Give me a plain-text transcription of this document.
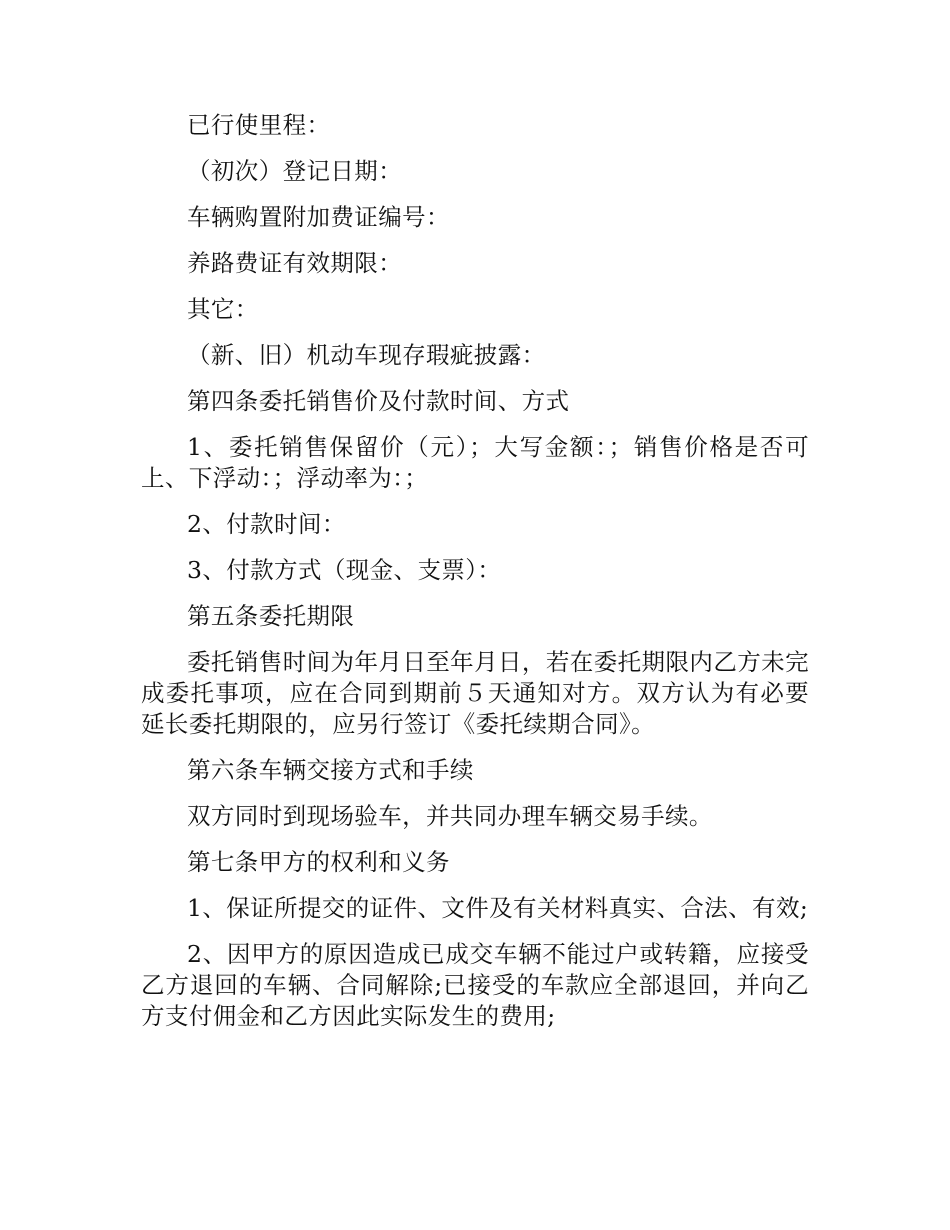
已行使里程：

（初次）登记日期：

车辆购置附加费证编号：

养路费证有效期限：

其它：

（新、旧）机动车现存瑕疵披露：

第四条委托销售价及付款时间、方式

1、委托销售保留价（元）；大写金额：；销售价格是否可上、下浮动：；浮动率为：；

2、付款时间：

3、付款方式（现金、支票）：

第五条委托期限

委托销售时间为年月日至年月日，若在委托期限内乙方未完成委托事项，应在合同到期前５天通知对方。双方认为有必要延长委托期限的，应另行签订《委托续期合同》。

第六条车辆交接方式和手续

双方同时到现场验车，并共同办理车辆交易手续。

第七条甲方的权利和义务

1、保证所提交的证件、文件及有关材料真实、合法、有效;

2、因甲方的原因造成已成交车辆不能过户或转籍，应接受乙方退回的车辆、合同解除;已接受的车款应全部退回，并向乙方支付佣金和乙方因此实际发生的费用;
